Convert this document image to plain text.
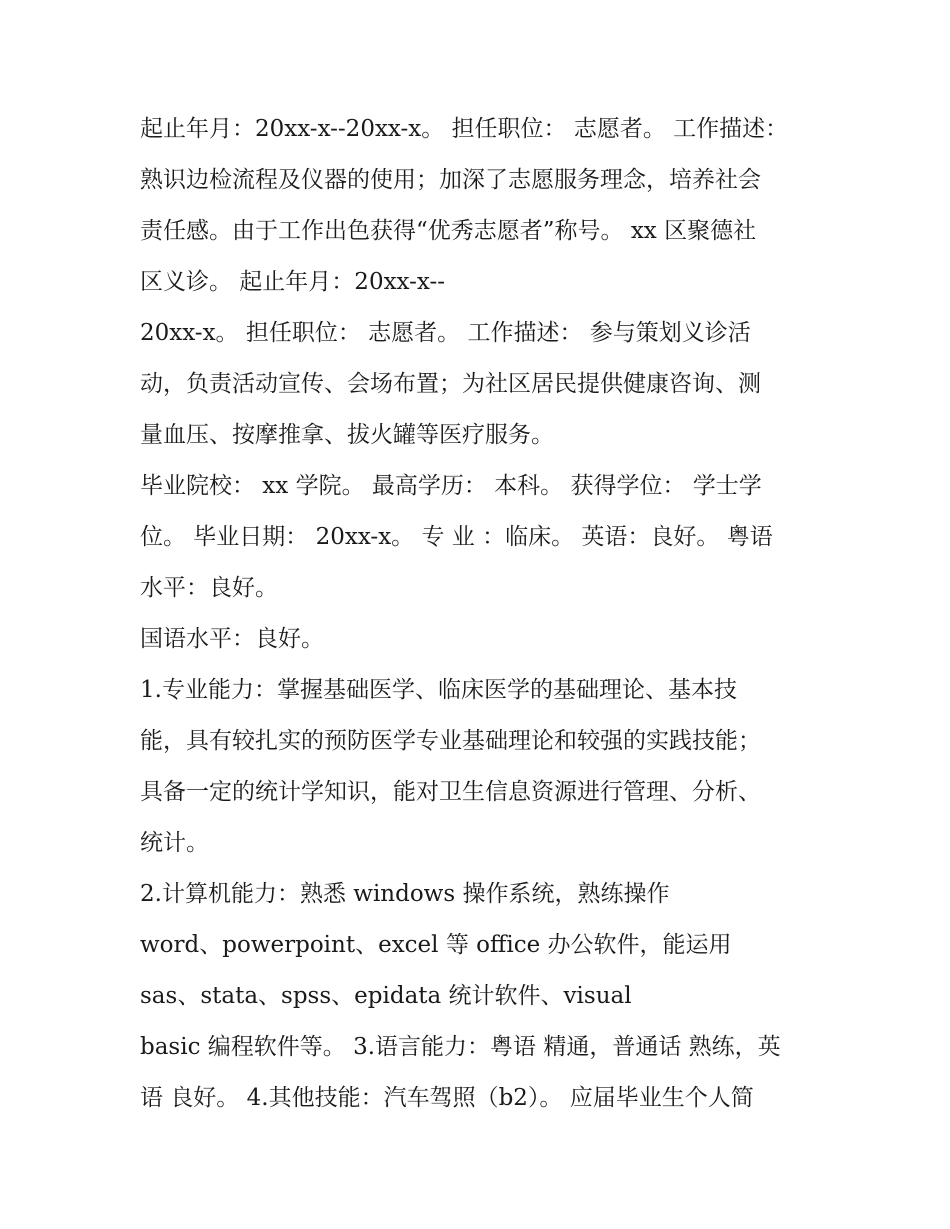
起止年月：20xx-x--20xx-x。 担任职位： 志愿者。 工作描述：
熟识边检流程及仪器的使用；加深了志愿服务理念，培养社会
责任感。由于工作出色获得“优秀志愿者”称号。 xx 区聚德社
区义诊。 起止年月：20xx-x--
20xx-x。 担任职位： 志愿者。 工作描述： 参与策划义诊活
动，负责活动宣传、会场布置；为社区居民提供健康咨询、测
量血压、按摩推拿、拔火罐等医疗服务。
毕业院校： xx 学院。 最高学历： 本科。 获得学位： 学士学
位。 毕业日期： 20xx-x。 专 业 ：临床。 英语：良好。 粤语
水平：良好。
国语水平：良好。
1.专业能力：掌握基础医学、临床医学的基础理论、基本技
能，具有较扎实的预防医学专业基础理论和较强的实践技能；
具备一定的统计学知识，能对卫生信息资源进行管理、分析、
统计。
2.计算机能力：熟悉 windows 操作系统，熟练操作
word、powerpoint、excel 等 office 办公软件，能运用
sas、stata、spss、epidata 统计软件、visual
basic 编程软件等。 3.语言能力：粤语 精通，普通话 熟练，英
语 良好。 4.其他技能：汽车驾照（b2）。 应届毕业生个人简
